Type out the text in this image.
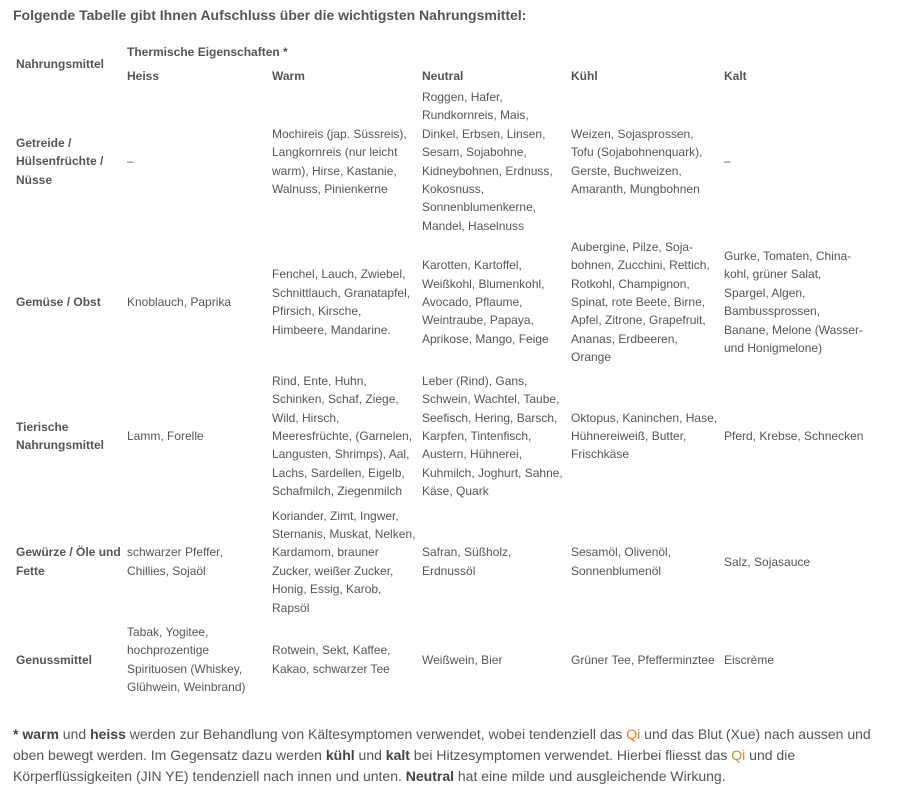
Folgende Tabelle gibt Ihnen Aufschluss über die wichtigsten Nahrungsmittel:
Nahrungsmittel	Thermische Eigenschaften *				
	Heiss	Warm	Neutral	Kühl	Kalt
Getreide / Hülsenfrüchte / Nüsse	–	Mochireis (jap. Süssreis), Langkornreis (nur leicht warm), Hirse, Kastanie, Walnuss, Pinienkerne	Roggen, Hafer, Rundkornreis, Mais, Dinkel, Erbsen, Linsen, Sesam, Sojabohne, Kidneybohnen, Erdnuss, Kokosnuss, Sonnenblumenkerne, Mandel, Haselnuss	Weizen, Sojasprossen, Tofu (Sojabohnenquark), Gerste, Buchweizen, Amaranth, Mungbohnen	–
Gemüse / Obst	Knoblauch, Paprika	Fenchel, Lauch, Zwiebel, Schnittlauch, Granatapfel, Pfirsich, Kirsche, Himbeere, Mandarine.	Karotten, Kartoffel, Weißkohl, Blumenkohl, Avocado, Pflaume, Weintraube, Papaya, Aprikose, Mango, Feige	Aubergine, Pilze, Soja-bohnen, Zucchini, Rettich, Rotkohl, Champignon, Spinat, rote Beete, Birne, Apfel, Zitrone, Grapefruit, Ananas, Erdbeeren, Orange	Gurke, Tomaten, China-kohl, grüner Salat, Spargel, Algen, Bambussprossen, Banane, Melone (Wasser- und Honigmelone)
Tierische Nahrungsmittel	Lamm, Forelle	Rind, Ente, Huhn, Schinken, Schaf, Ziege, Wild, Hirsch, Meeresfrüchte, (Garnelen, Langusten, Shrimps), Aal, Lachs, Sardellen, Eigelb, Schafmilch, Ziegenmilch	Leber (Rind), Gans, Schwein, Wachtel, Taube, Seefisch, Hering, Barsch, Karpfen, Tintenfisch, Austern, Hühnerei, Kuhmilch, Joghurt, Sahne, Käse, Quark	Oktopus, Kaninchen, Hase, Hühnereiweiß, Butter, Frischkäse	Pferd, Krebse, Schnecken
Gewürze / Öle und Fette	schwarzer Pfeffer, Chillies, Sojaöl	Koriander, Zimt, Ingwer, Sternanis, Muskat, Nelken, Kardamom, brauner Zucker, weißer Zucker, Honig, Essig, Karob, Rapsöl	Safran, Süßholz, Erdnussöl	Sesamöl, Olivenöl, Sonnenblumenöl	Salz, Sojasauce
Genussmittel	Tabak, Yogitee, hochprozentige Spirituosen (Whiskey, Glühwein, Weinbrand)	Rotwein, Sekt, Kaffee, Kakao, schwarzer Tee	Weißwein, Bier	Grüner Tee, Pfefferminztee	Eiscrème
* warm und heiss werden zur Behandlung von Kältesymptomen verwendet, wobei tendenziell das Qi und das Blut (Xue) nach aussen und oben bewegt werden. Im Gegensatz dazu werden kühl und kalt bei Hitzesymptomen verwendet. Hierbei fliesst das Qi und die Körperflüssigkeiten (JIN YE) tendenziell nach innen und unten. Neutral hat eine milde und ausgleichende Wirkung.
